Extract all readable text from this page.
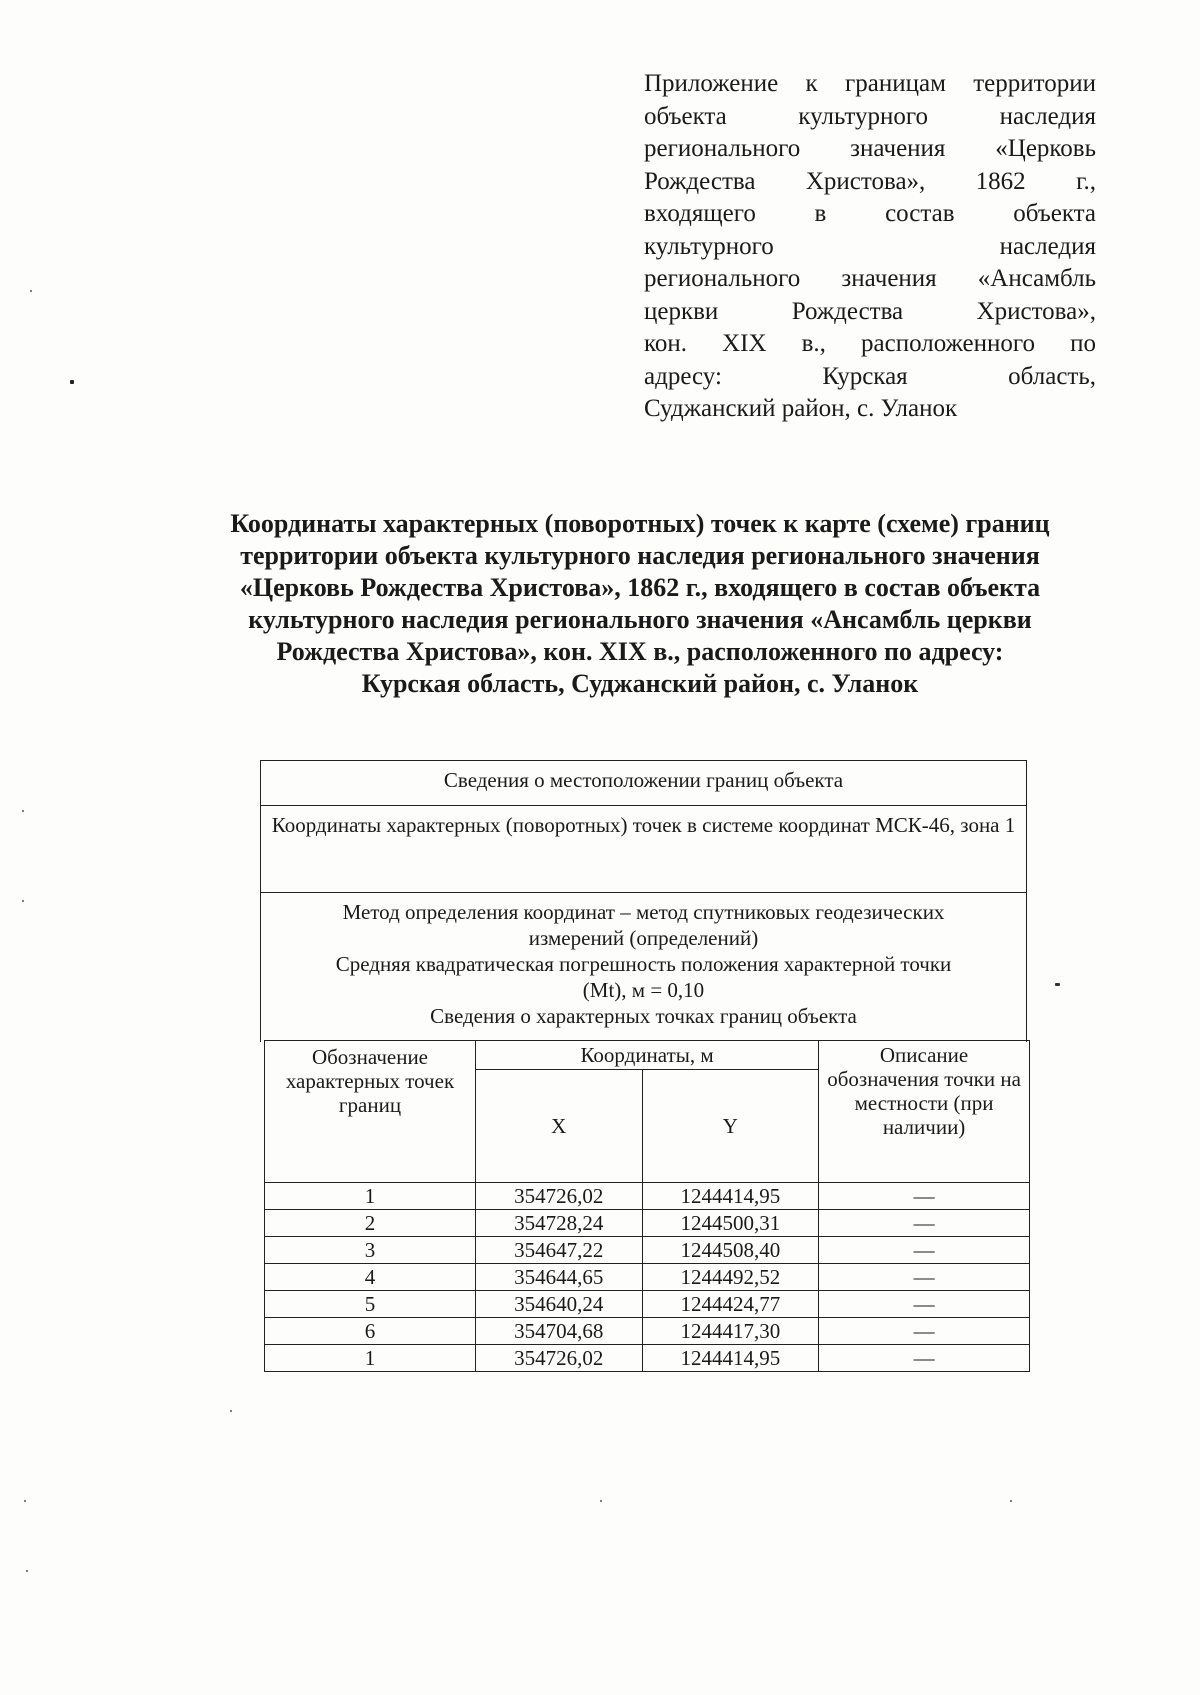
Приложение к границам территории
объекта культурного наследия
регионального значения «Церковь
Рождества Христова», 1862 г.,
входящего в состав объекта
культурного наследия
регионального значения «Ансамбль
церкви Рождества Христова»,
кон. XIX в., расположенного по
адресу: Курская область,
Суджанский район, с. Уланок
Координаты характерных (поворотных) точек к карте (схеме) границ
территории объекта культурного наследия регионального значения
«Церковь Рождества Христова», 1862 г., входящего в состав объекта
культурного наследия регионального значения «Ансамбль церкви
Рождества Христова», кон. XIX в., расположенного по адресу:
Курская область, Суджанский район, с. Уланок
Сведения о местоположении границ объекта
Координаты характерных (поворотных) точек в системе координат МСК-46, зона 1
Метод определения координат – метод спутниковых геодезических
измерений (определений)
Средняя квадратическая погрешность положения характерной точки
(Mt), м = 0,10
Сведения о характерных точках границ объекта
Обозначение характерных точек границ	Координаты, м		Описание обозначения точки на местности (при наличии)
	X	Y	
1	354726,02	1244414,95	—
2	354728,24	1244500,31	—
3	354647,22	1244508,40	—
4	354644,65	1244492,52	—
5	354640,24	1244424,77	—
6	354704,68	1244417,30	—
1	354726,02	1244414,95	—
